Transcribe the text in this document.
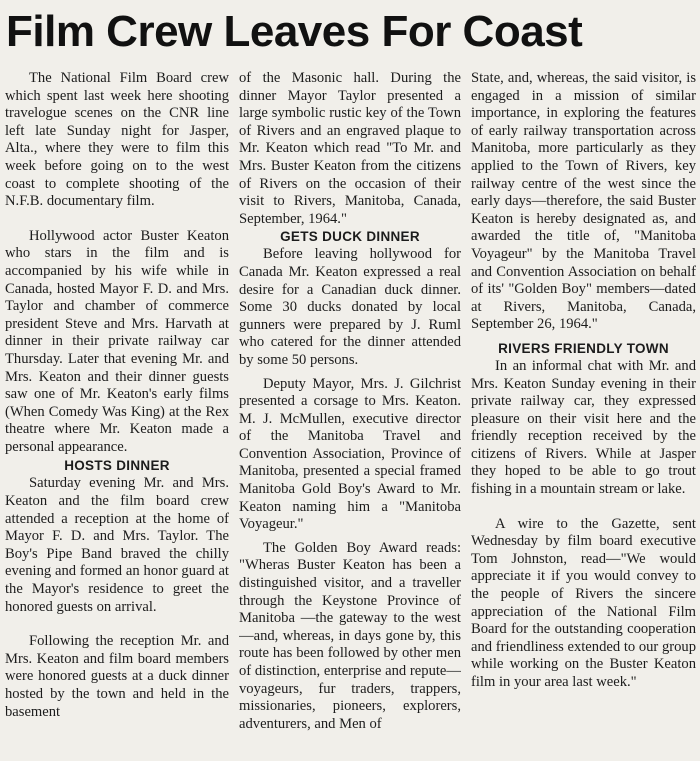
Film Crew Leaves For Coast

The National Film Board crew which spent last week here shooting travelogue scenes on the CNR line left late Sunday night for Jasper, Alta., where they were to film this week before going on to the west coast to complete shooting of the N.F.B. documentary film.

Hollywood actor Buster Keaton who stars in the film and is accompanied by his wife while in Canada, hosted Mayor F. D. and Mrs. Taylor and chamber of commerce president Steve and Mrs. Harvath at dinner in their private railway car Thursday. Later that evening Mr. and Mrs. Keaton and their dinner guests saw one of Mr. Keaton's early films (When Comedy Was King) at the Rex theatre where Mr. Keaton made a personal appearance.

HOSTS DINNER

Saturday evening Mr. and Mrs. Keaton and the film board crew attended a reception at the home of Mayor F. D. and Mrs. Taylor. The Boy's Pipe Band braved the chilly evening and formed an honor guard at the Mayor's residence to greet the honored guests on arrival.

Following the reception Mr. and Mrs. Keaton and film board members were honored guests at a duck dinner hosted by the town and held in the basement

of the Masonic hall. During the dinner Mayor Taylor presented a large symbolic rustic key of the Town of Rivers and an engraved plaque to Mr. Keaton which read "To Mr. and Mrs. Buster Keaton from the citizens of Rivers on the occasion of their visit to Rivers, Manitoba, Canada, September, 1964."

GETS DUCK DINNER

Before leaving hollywood for Canada Mr. Keaton expressed a real desire for a Canadian duck dinner. Some 30 ducks donated by local gunners were prepared by J. Ruml who catered for the dinner attended by some 50 persons.

Deputy Mayor, Mrs. J. Gilchrist presented a corsage to Mrs. Keaton. M. J. McMullen, executive director of the Manitoba Travel and Convention Association, Province of Manitoba, presented a special framed Manitoba Gold Boy's Award to Mr. Keaton naming him a "Manitoba Voyageur."

The Golden Boy Award reads: "Wheras Buster Keaton has been a distinguished visitor, and a traveller through the Keystone Province of Manitoba —the gateway to the west—and, whereas, in days gone by, this route has been followed by other men of distinction, enterprise and repute—voyageurs, fur traders, trappers, missionaries, pioneers, explorers, adventurers, and Men of

State, and, whereas, the said visitor, is engaged in a mission of similar importance, in exploring the features of early railway transportation across Manitoba, more particularly as they applied to the Town of Rivers, key railway centre of the west since the early days—therefore, the said Buster Keaton is hereby designated as, and awarded the title of, "Manitoba Voyageur" by the Manitoba Travel and Convention Association on behalf of its' "Golden Boy" members—dated at Rivers, Manitoba, Canada, September 26, 1964."

RIVERS FRIENDLY TOWN

In an informal chat with Mr. and Mrs. Keaton Sunday evening in their private railway car, they expressed pleasure on their visit here and the friendly reception received by the citizens of Rivers. While at Jasper they hoped to be able to go trout fishing in a mountain stream or lake.

A wire to the Gazette, sent Wednesday by film board executive Tom Johnston, read—"We would appreciate it if you would convey to the people of Rivers the sincere appreciation of the National Film Board for the outstanding cooperation and friendliness extended to our group while working on the Buster Keaton film in your area last week."
